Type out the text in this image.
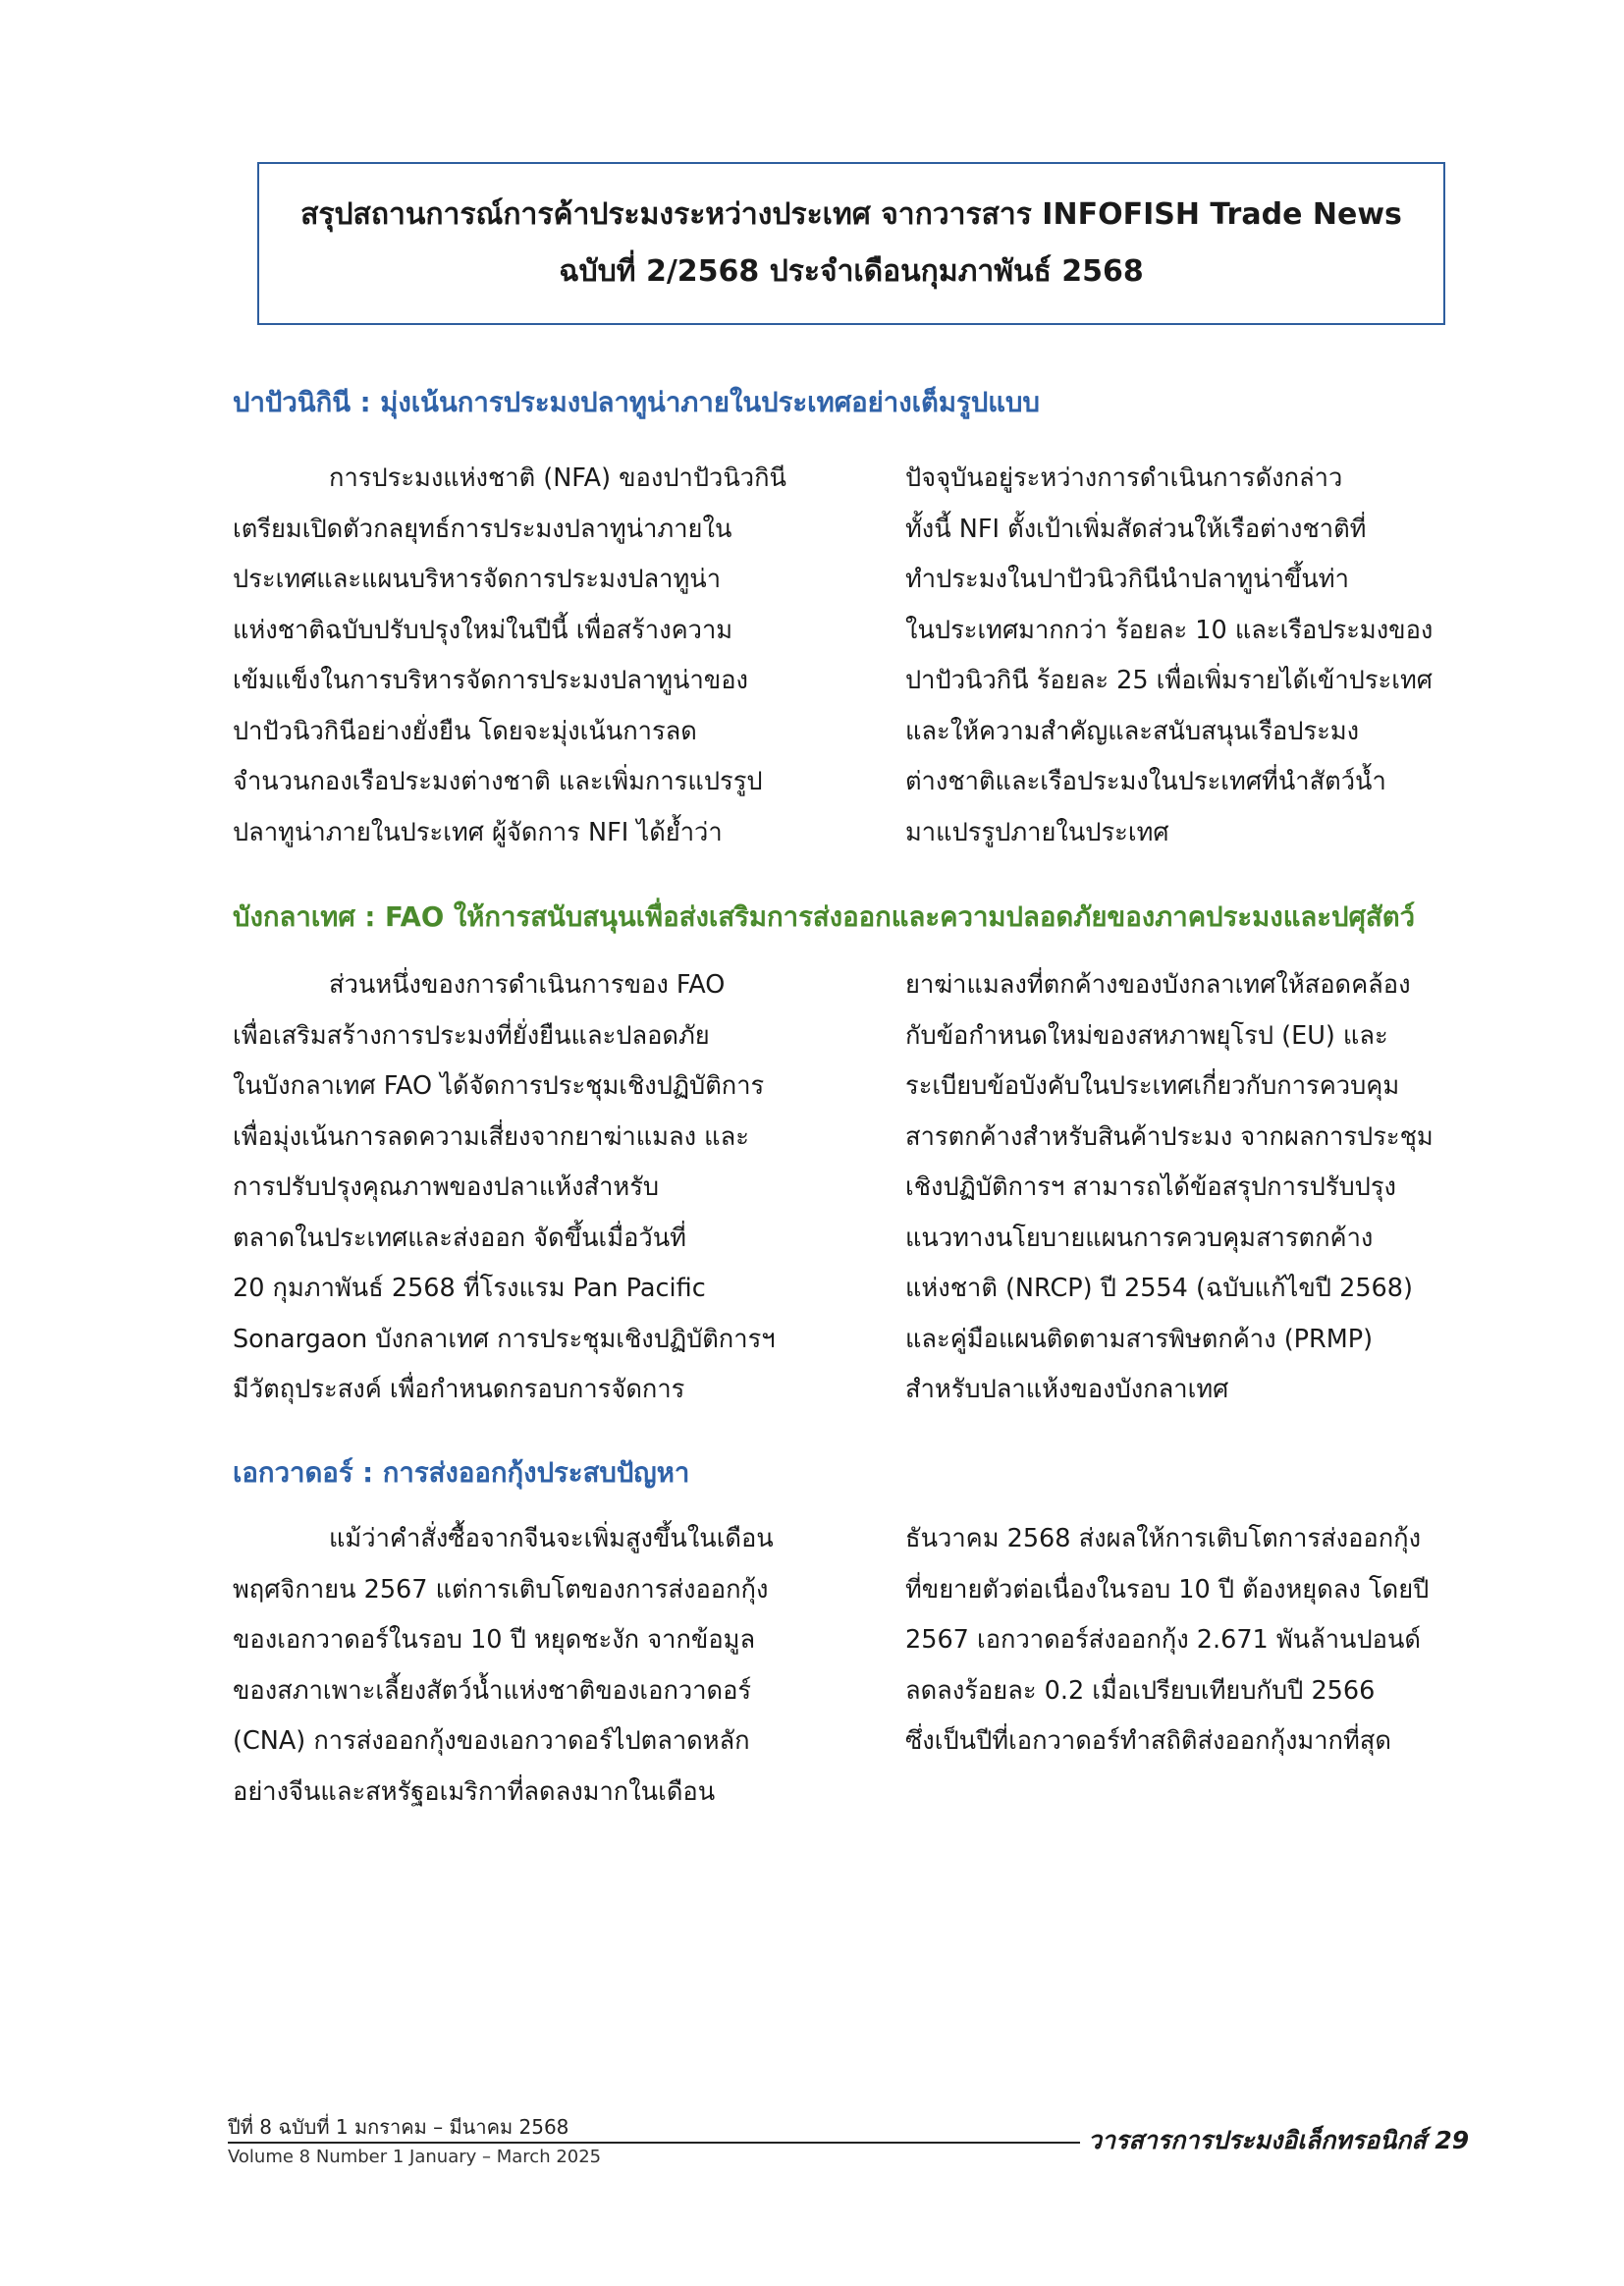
สรุปสถานการณ์การค้าประมงระหว่างประเทศ จากวารสาร INFOFISH Trade News
ฉบับที่ 2/2568 ประจำเดือนกุมภาพันธ์ 2568
ปาปัวนิกินี : มุ่งเน้นการประมงปลาทูน่าภายในประเทศอย่างเต็มรูปแบบ

การประมงแห่งชาติ (NFA) ของปาปัวนิวกินี

เตรียมเปิดตัวกลยุทธ์การประมงปลาทูน่าภายใน

ประเทศและแผนบริหารจัดการประมงปลาทูน่า

แห่งชาติฉบับปรับปรุงใหม่ในปีนี้ เพื่อสร้างความ

เข้มแข็งในการบริหารจัดการประมงปลาทูน่าของ

ปาปัวนิวกินีอย่างยั่งยืน โดยจะมุ่งเน้นการลด

จำนวนกองเรือประมงต่างชาติ และเพิ่มการแปรรูป

ปลาทูน่าภายในประเทศ ผู้จัดการ NFI ได้ย้ำว่า

ปัจจุบันอยู่ระหว่างการดำเนินการดังกล่าว

ทั้งนี้ NFI ตั้งเป้าเพิ่มสัดส่วนให้เรือต่างชาติที่

ทำประมงในปาปัวนิวกินีนำปลาทูน่าขึ้นท่า

ในประเทศมากกว่า ร้อยละ 10 และเรือประมงของ

ปาปัวนิวกินี ร้อยละ 25 เพื่อเพิ่มรายได้เข้าประเทศ

และให้ความสำคัญและสนับสนุนเรือประมง

ต่างชาติและเรือประมงในประเทศที่นำสัตว์น้ำ

มาแปรรูปภายในประเทศ

บังกลาเทศ : FAO ให้การสนับสนุนเพื่อส่งเสริมการส่งออกและความปลอดภัยของภาคประมงและปศุสัตว์

ส่วนหนึ่งของการดำเนินการของ FAO

เพื่อเสริมสร้างการประมงที่ยั่งยืนและปลอดภัย

ในบังกลาเทศ FAO ได้จัดการประชุมเชิงปฏิบัติการ

เพื่อมุ่งเน้นการลดความเสี่ยงจากยาฆ่าแมลง และ

การปรับปรุงคุณภาพของปลาแห้งสำหรับ

ตลาดในประเทศและส่งออก จัดขึ้นเมื่อวันที่

20 กุมภาพันธ์ 2568 ที่โรงแรม Pan Pacific

Sonargaon บังกลาเทศ การประชุมเชิงปฏิบัติการฯ

มีวัตถุประสงค์ เพื่อกำหนดกรอบการจัดการ

ยาฆ่าแมลงที่ตกค้างของบังกลาเทศให้สอดคล้อง

กับข้อกำหนดใหม่ของสหภาพยุโรป (EU) และ

ระเบียบข้อบังคับในประเทศเกี่ยวกับการควบคุม

สารตกค้างสำหรับสินค้าประมง จากผลการประชุม

เชิงปฏิบัติการฯ สามารถได้ข้อสรุปการปรับปรุง

แนวทางนโยบายแผนการควบคุมสารตกค้าง

แห่งชาติ (NRCP) ปี 2554 (ฉบับแก้ไขปี 2568)

และคู่มือแผนติดตามสารพิษตกค้าง (PRMP)

สำหรับปลาแห้งของบังกลาเทศ

เอกวาดอร์ : การส่งออกกุ้งประสบปัญหา

แม้ว่าคำสั่งซื้อจากจีนจะเพิ่มสูงขึ้นในเดือน

พฤศจิกายน 2567 แต่การเติบโตของการส่งออกกุ้ง

ของเอกวาดอร์ในรอบ 10 ปี หยุดชะงัก จากข้อมูล

ของสภาเพาะเลี้ยงสัตว์น้ำแห่งชาติของเอกวาดอร์

(CNA) การส่งออกกุ้งของเอกวาดอร์ไปตลาดหลัก

อย่างจีนและสหรัฐอเมริกาที่ลดลงมากในเดือน

ธันวาคม 2568 ส่งผลให้การเติบโตการส่งออกกุ้ง

ที่ขยายตัวต่อเนื่องในรอบ 10 ปี ต้องหยุดลง โดยปี

2567 เอกวาดอร์ส่งออกกุ้ง 2.671 พันล้านปอนด์

ลดลงร้อยละ 0.2 เมื่อเปรียบเทียบกับปี 2566

ซึ่งเป็นปีที่เอกวาดอร์ทำสถิติส่งออกกุ้งมากที่สุด

ปีที่ 8 ฉบับที่ 1 มกราคม – มีนาคม 2568
Volume 8 Number 1 January – March 2025
วารสารการประมงอิเล็กทรอนิกส์ 29
